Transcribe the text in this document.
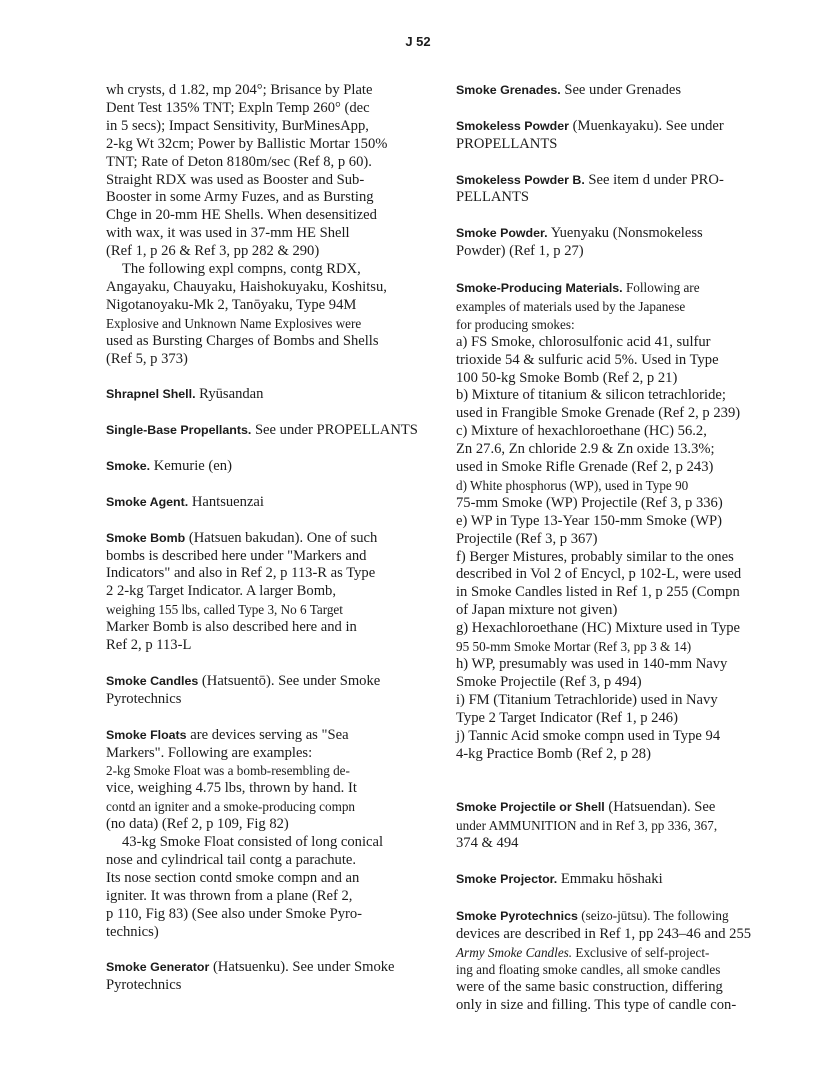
J 52
wh crysts, d 1.82, mp 204°; Brisance by Plate
Dent Test 135% TNT; Expln Temp 260° (dec
in 5 secs); Impact Sensitivity, BurMinesApp,
2-kg Wt 32cm; Power by Ballistic Mortar 150%
TNT; Rate of Deton 8180m/sec (Ref 8, p 60).
Straight RDX was used as Booster and Sub-
Booster in some Army Fuzes, and as Bursting
Chge in 20-mm HE Shells. When desensitized
with wax, it was used in 37-mm HE Shell
(Ref 1, p 26 & Ref 3, pp 282 & 290)
The following expl compns, contg RDX,
Angayaku, Chauyaku, Haishokuyaku, Koshitsu,
Nigotanoyaku-Mk 2, Tanōyaku, Type 94M
Explosive and Unknown Name Explosives were
used as Bursting Charges of Bombs and Shells
(Ref 5, p 373)

Shrapnel Shell. Ryūsandan

Single-Base Propellants. See under PROPELLANTS

Smoke. Kemurie (en)

Smoke Agent. Hantsuenzai

Smoke Bomb (Hatsuen bakudan). One of such
bombs is described here under "Markers and
Indicators" and also in Ref 2, p 113-R as Type
2 2-kg Target Indicator. A larger Bomb,
weighing 155 lbs, called Type 3, No 6 Target
Marker Bomb is also described here and in
Ref 2, p 113-L

Smoke Candles (Hatsuentō). See under Smoke
Pyrotechnics

Smoke Floats are devices serving as "Sea
Markers". Following are examples:
2-kg Smoke Float was a bomb-resembling de-
vice, weighing 4.75 lbs, thrown by hand. It
contd an igniter and a smoke-producing compn
(no data) (Ref 2, p 109, Fig 82)
43-kg Smoke Float consisted of long conical
nose and cylindrical tail contg a parachute.
Its nose section contd smoke compn and an
igniter. It was thrown from a plane (Ref 2,
p 110, Fig 83) (See also under Smoke Pyro-
technics)

Smoke Generator (Hatsuenku). See under Smoke
Pyrotechnics
Smoke Grenades. See under Grenades

Smokeless Powder (Muenkayaku). See under
PROPELLANTS

Smokeless Powder B. See item d under PRO-
PELLANTS

Smoke Powder. Yuenyaku (Nonsmokeless
Powder) (Ref 1, p 27)

Smoke-Producing Materials. Following are
examples of materials used by the Japanese
for producing smokes:
a) FS Smoke, chlorosulfonic acid 41, sulfur
trioxide 54 & sulfuric acid 5%. Used in Type
100 50-kg Smoke Bomb (Ref 2, p 21)
b) Mixture of titanium & silicon tetrachloride;
used in Frangible Smoke Grenade (Ref 2, p 239)
c) Mixture of hexachloroethane (HC) 56.2,
Zn 27.6, Zn chloride 2.9 & Zn oxide 13.3%;
used in Smoke Rifle Grenade (Ref 2, p 243)
d) White phosphorus (WP), used in Type 90
75-mm Smoke (WP) Projectile (Ref 3, p 336)
e) WP in Type 13-Year 150-mm Smoke (WP)
Projectile (Ref 3, p 367)
f) Berger Mistures, probably similar to the ones
described in Vol 2 of Encycl, p 102-L, were used
in Smoke Candles listed in Ref 1, p 255 (Compn
of Japan mixture not given)
g) Hexachloroethane (HC) Mixture used in Type
95 50-mm Smoke Mortar (Ref 3, pp 3 & 14)
h) WP, presumably was used in 140-mm Navy
Smoke Projectile (Ref 3, p 494)
i) FM (Titanium Tetrachloride) used in Navy
Type 2 Target Indicator (Ref 1, p 246)
j) Tannic Acid smoke compn used in Type 94
4-kg Practice Bomb (Ref 2, p 28)

Smoke Projectile or Shell (Hatsuendan). See
under AMMUNITION and in Ref 3, pp 336, 367,
374 & 494

Smoke Projector. Emmaku hōshaki

Smoke Pyrotechnics (seizo-jūtsu). The following
devices are described in Ref 1, pp 243–46 and 255
Army Smoke Candles. Exclusive of self-project-
ing and floating smoke candles, all smoke candles
were of the same basic construction, differing
only in size and filling. This type of candle con-
